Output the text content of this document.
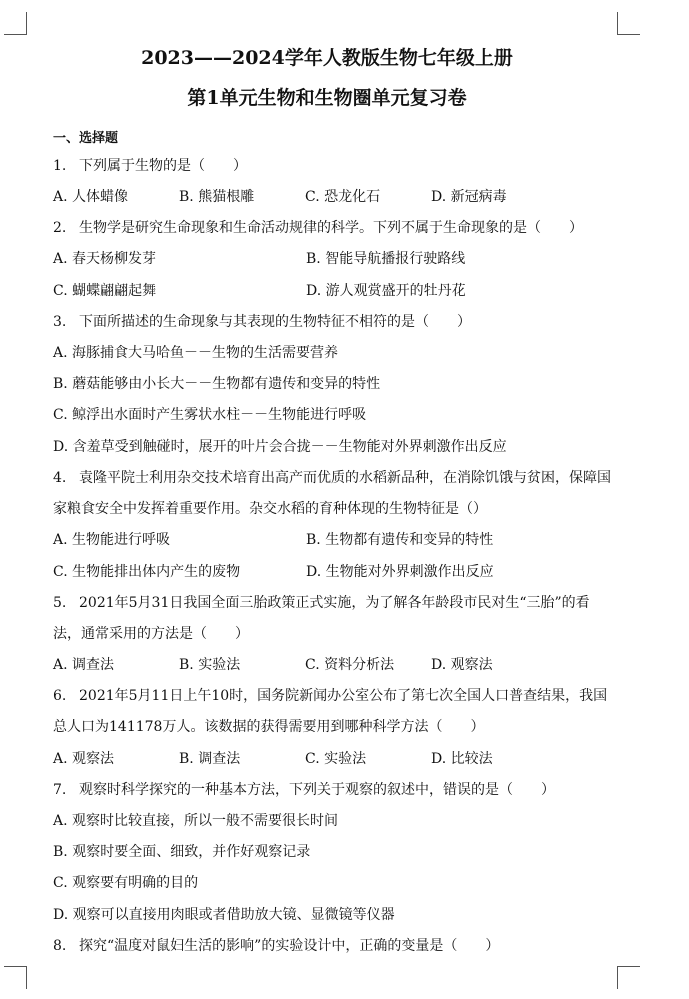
2023——2024学年人教版生物七年级上册
第1单元生物和生物圈单元复习卷
一、选择题
1. 下列属于生物的是（　　）
A. 人体蜡像	B. 熊猫根雕	C. 恐龙化石	D. 新冠病毒
2. 生物学是研究生命现象和生命活动规律的科学。下列不属于生命现象的是（　　）
A. 春天杨柳发芽	B. 智能导航播报行驶路线
C. 蝴蝶翩翩起舞	D. 游人观赏盛开的牡丹花
3. 下面所描述的生命现象与其表现的生物特征不相符的是（　　）
A. 海豚捕食大马哈鱼－－生物的生活需要营养
B. 蘑菇能够由小长大－－生物都有遗传和变异的特性
C. 鲸浮出水面时产生雾状水柱－－生物能进行呼吸
D. 含羞草受到触碰时，展开的叶片会合拢－－生物能对外界刺激作出反应
4. 袁隆平院士利用杂交技术培育出高产而优质的水稻新品种，在消除饥饿与贫困，保障国
家粮食安全中发挥着重要作用。杂交水稻的育种体现的生物特征是（）
A. 生物能进行呼吸	B. 生物都有遗传和变异的特性
C. 生物能排出体内产生的废物	D. 生物能对外界刺激作出反应
5. 2021年5月31日我国全面三胎政策正式实施，为了解各年龄段市民对生“三胎”的看
法，通常采用的方法是（　　）
A. 调查法	B. 实验法	C. 资料分析法	D. 观察法
6. 2021年5月11日上午10时，国务院新闻办公室公布了第七次全国人口普查结果，我国
总人口为141178万人。该数据的获得需要用到哪种科学方法（　　）
A. 观察法	B. 调查法	C. 实验法	D. 比较法
7. 观察时科学探究的一种基本方法，下列关于观察的叙述中，错误的是（　　）
A. 观察时比较直接，所以一般不需要很长时间
B. 观察时要全面、细致，并作好观察记录
C. 观察要有明确的目的
D. 观察可以直接用肉眼或者借助放大镜、显微镜等仪器
8. 探究“温度对鼠妇生活的影响”的实验设计中，正确的变量是（　　）
